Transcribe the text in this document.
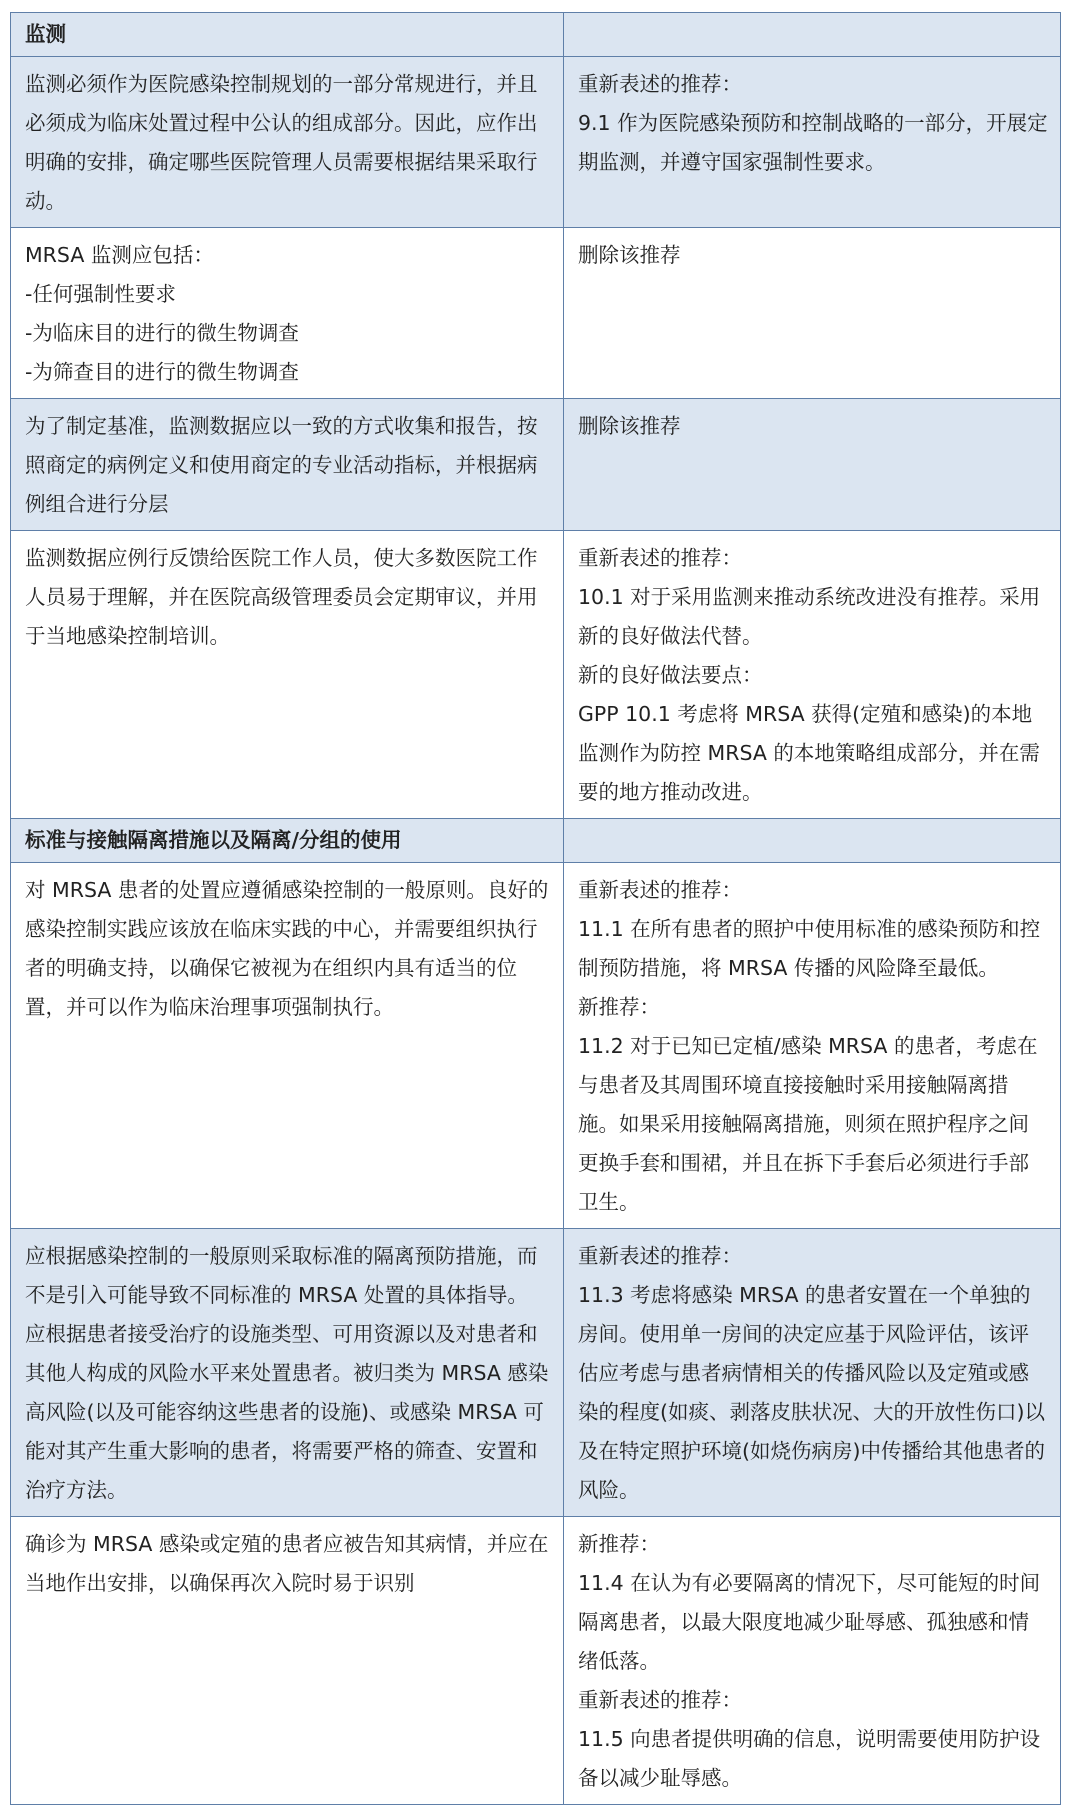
监测	

监测必须作为医院感染控制规划的一部分常规进行，并且必须成为临床处置过程中公认的组成部分。因此，应作出明确的安排，确定哪些医院管理人员需要根据结果采取行动。	重新表述的推荐：
9.1 作为医院感染预防和控制战略的一部分，开展定期监测，并遵守国家强制性要求。

MRSA 监测应包括：
-任何强制性要求
-为临床目的进行的微生物调查
-为筛查目的进行的微生物调查	删除该推荐

为了制定基准，监测数据应以一致的方式收集和报告，按照商定的病例定义和使用商定的专业活动指标，并根据病例组合进行分层	删除该推荐

监测数据应例行反馈给医院工作人员，使大多数医院工作人员易于理解，并在医院高级管理委员会定期审议，并用于当地感染控制培训。	重新表述的推荐：
10.1 对于采用监测来推动系统改进没有推荐。采用新的良好做法代替。
新的良好做法要点：
GPP 10.1 考虑将 MRSA 获得(定殖和感染)的本地监测作为防控 MRSA 的本地策略组成部分，并在需要的地方推动改进。

标准与接触隔离措施以及隔离/分组的使用	

对 MRSA 患者的处置应遵循感染控制的一般原则。良好的感染控制实践应该放在临床实践的中心，并需要组织执行者的明确支持，以确保它被视为在组织内具有适当的位置，并可以作为临床治理事项强制执行。	重新表述的推荐：
11.1 在所有患者的照护中使用标准的感染预防和控制预防措施，将 MRSA 传播的风险降至最低。
新推荐：
11.2 对于已知已定植/感染 MRSA 的患者，考虑在与患者及其周围环境直接接触时采用接触隔离措施。如果采用接触隔离措施，则须在照护程序之间更换手套和围裙，并且在拆下手套后必须进行手部卫生。

应根据感染控制的一般原则采取标准的隔离预防措施，而不是引入可能导致不同标准的 MRSA 处置的具体指导。
应根据患者接受治疗的设施类型、可用资源以及对患者和其他人构成的风险水平来处置患者。被归类为 MRSA 感染高风险(以及可能容纳这些患者的设施)、或感染 MRSA 可能对其产生重大影响的患者，将需要严格的筛查、安置和治疗方法。	重新表述的推荐：
11.3 考虑将感染 MRSA 的患者安置在一个单独的房间。使用单一房间的决定应基于风险评估，该评估应考虑与患者病情相关的传播风险以及定殖或感染的程度(如痰、剥落皮肤状况、大的开放性伤口)以及在特定照护环境(如烧伤病房)中传播给其他患者的风险。

确诊为 MRSA 感染或定殖的患者应被告知其病情，并应在当地作出安排，以确保再次入院时易于识别	新推荐：
11.4 在认为有必要隔离的情况下，尽可能短的时间隔离患者，以最大限度地减少耻辱感、孤独感和情绪低落。
重新表述的推荐：
11.5 向患者提供明确的信息，说明需要使用防护设备以减少耻辱感。
